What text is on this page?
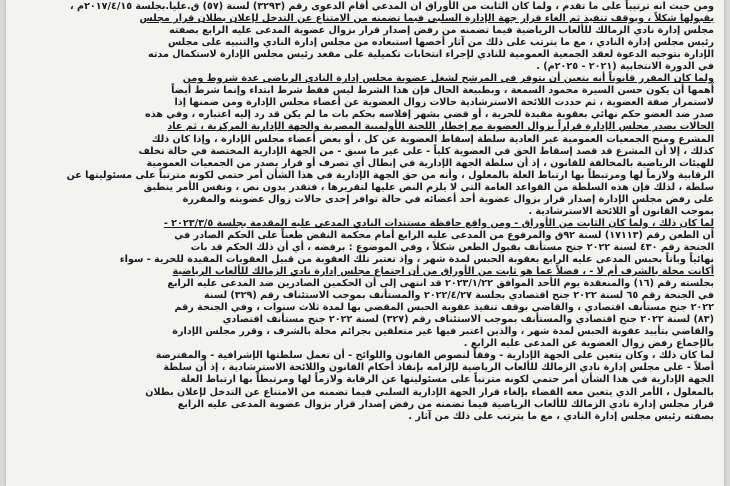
ومن حيث انه ترتيباً على ما تقدم ، ولما كان الثابت من الأوراق ان المدعي أقام الدعوى رقم (٣٢٩٣) لسنة (٥٧) ق.عليا.بجلسة ٢٠١٧/٤/١٥م ،

بقبولها شكلاً ، ويوقف تنفيذ ثم الغاء قرار جهة الإدارة السلبي فيما تضمنه من الامتناع عن التدخل لإعلان بطلان قرار مجلس

مجلس إدارة نادي الزمالك للألعاب الرياضية فيما تضمنه من رفض إصدار قرار بزوال عضوية المدعى عليه الرابع بصفته

رئيس مجلس إدارة النادي ، مع ما يترتب على ذلك من آثار أخصها استبعاده من مجلس إدارة النادي والتنبيه على مجلس

الإدارة بتوجيه الدعوة لعقد الجمعية العمومية للنادي لإجراء انتخابات تكميلية على مقعد رئيس مجلس الإدارة لاستكمال مدته

في الدورة الانتخابية (٢٠٢١ - ٢٠٢٥م) .

ولما كان المقرر قانوناً أنه يتعين أن يتوفر في المرشح لشغل عضوية مجلس إدارة النادي الرياضي عدة شروط ومن

أهمها أن يكون حسن السيرة محمود السمعة ، وبطبيعة الحال فإن هذا الشرط ليس فقط شرط ابتداء وإنما شرط أيضاً

لاستمرار صفة العضوية ، ثم حددت اللائحة الاسترشادية حالات زوال العضوية عن أعضاء مجلس الإدارة ومن ضمنها إذا

صدر ضد العضو حكم نهائي بعقوبة مقيدة للحرية ، أو قضي بشهر إفلاسه بحكم بات ما لم يكن قد رد إليه اعتباره ، وفي هذه

الحالات يصدر مجلس الإدارة قراراً بزوال العضوية مع إخطار اللجنة الأولمبية المصرية والجهة الإدارية المركزية ، ثم عاد

المشرع ومنح الجمعيات العمومية غير العادية سلطة إسقاط العضوية عن كل ، أو بعض أعضاء مجلس الإدارة ، وإذا كان ذلك

كذلك ، إلا أن المشرع قد قصد إسقاط الحق في العضوية كلياً - على غير ما سبق - من الجهة الإدارية المختصة في حالة تخلف

للهيئات الرياضية بالمخالفة للقانون ، إذ أن سلطة الجهة الإدارية في إبطال أي تصرف أو قرار يصدر من الجمعيات العمومية

الرقابية ولازماً لها ومرتبطاً بها ارتباط العلة بالمعلول ، وأنه من حق الجهة الإدارية في هذا الشأن أمر حتمي لكونه مترتباً على مسئوليتها عن

سلطة ، لذلك فإن هذه السلطة من القواعد العامة التي لا يلزم النص عليها لتقريرها ، فتقدر بدون نص ، ونفس الأمر ينطبق

على رفض مجلس الإدارة إصدار قرار بزوال عضوية أحد أعضائه في حالة توافر إحدى حالات زوال عضويته والمقررة

بموجب القانون أو اللائحة الاسترشادية .

لما كان ذلك ، ولما كان الثابت من الأوراق - ومن واقع حافظة مستندات النادي المدعي عليه المقدمة بجلسة ٢٠٢٣/٣/٥ -

أن الطعن رقم (١٧١١٣) لسنة ٩٢ق والمرفوع من المدعى عليه الرابع أمام محكمة النقض طعناً على الحكم الصادر في

الجنحة رقم ٤٣٠ لسنة ٢٠٢٢ جنح مستأنف بقبول الطعن شكلاً ، وفي الموضوع : برفضه ، أي أن ذلك الحكم قد بات

نهائياً وباتاً بحبس المدعى عليه الرابع بعقوبة الحبس لمدة شهر ، وإذ تعتبر تلك العقوبة من قبيل العقوبات المقيدة للحرية - سواء

أكانت مخلة بالشرف أم لا - ، فضلاً عما هو ثابت من الأوراق من أن اجتماع مجلس إدارة نادي الزمالك للألعاب الرياضية

بجلسته رقم (١٦) والمنعقدة يوم الأحد الموافق ٢٠٢٣/١/٢٢ قد انتهى إلى أن الحكمين الصادرين ضد المدعى عليه الرابع

في الجنحة رقم ٦٥ لسنة ٢٠٢٢ جنح اقتصادي بجلسة ٢٠٢٢/٤/٢٧ والمستأنف بموجب الاستئناف رقم (٣٢٩) لسنة

٢٠٢٢ جنح مستأنف اقتصادي ، والقاضي بوقف تنفيذ عقوبة الحبس المقضي بها لمدة ثلاث سنوات ، وفي الجنحة رقم

(٨٣) لسنة ٢٠٢٢ جنح اقتصادي والمستأنف بموجب الاستئناف رقم (٣٢٧) لسنة ٢٠٢٢ جنح مستأنف اقتصادي

والقاضي بتأييد عقوبة الحبس لمدة شهر ، والذين اعتبر فيها غير متعلقين بجرائم مخلة بالشرف ، وقرر مجلس الإدارة

بالإجماع رفض زوال العضوية عن المدعى عليه الرابع .

لما كان ذلك ، وكان يتعين على الجهة الإدارية - وفقاً لنصوص القانون واللوائح - أن تعمل سلطتها الإشرافية - والمفترضة

أصلاً - على مجلس إدارة نادي الزمالك للألعاب الرياضية لإلزامه بإنفاذ أحكام القانون واللائحة الاسترشادية ، إذ أن سلطة

الجهة الإدارية في هذا الشأن أمر حتمي لكونه مترتباً على مسئوليتها عن الرقابة ولازماً لها ومرتبطاً بها ارتباط العلة

بالمعلول ، الأمر الذي يتعين معه القضاء بإلغاء قرار الجهة الإدارية السلبي فيما تضمنه من الامتناع عن التدخل لإعلان بطلان

قرار مجلس إدارة نادي الزمالك للألعاب الرياضية فيما تضمنه من رفض إصدار قرار بزوال عضوية المدعى عليه الرابع

بصفته رئيس مجلس إدارة النادي ، مع ما يترتب على ذلك من آثار .
